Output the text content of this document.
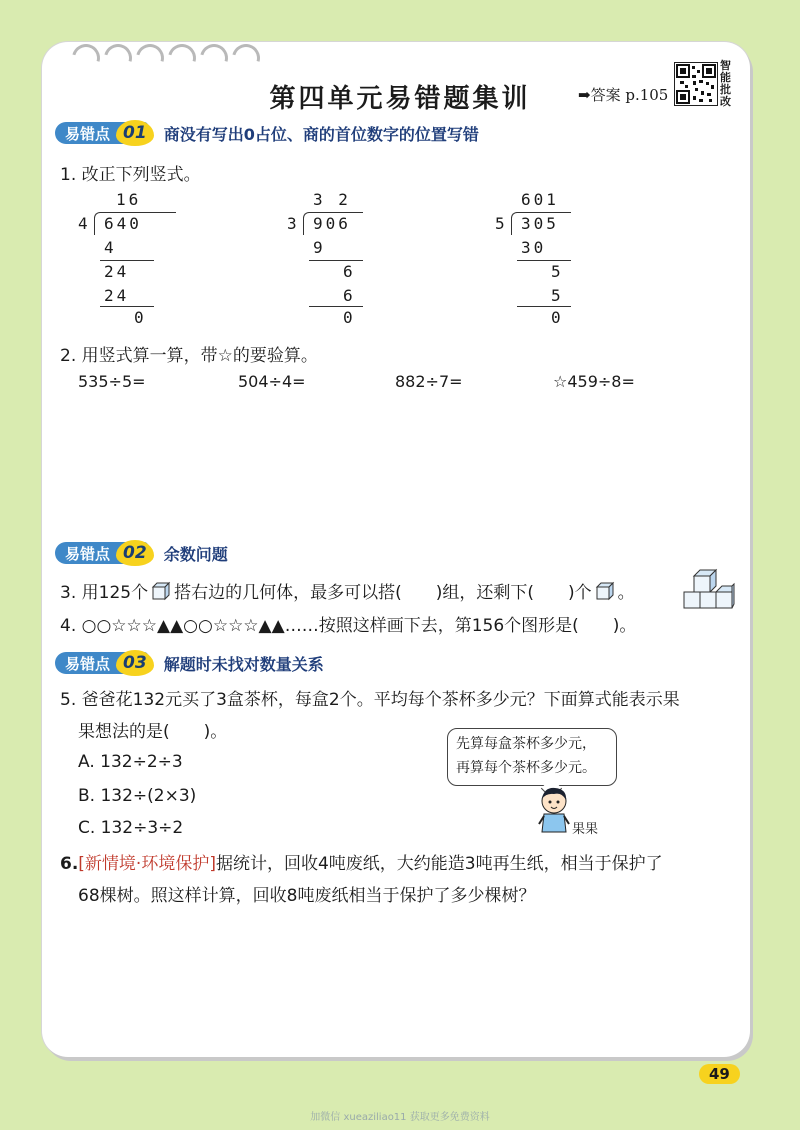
第四单元易错题集训	➡答案 p.105
智能批改
易错点 01	商没有写出0占位、商的首位数字的位置写错
1. 改正下列竖式。
16
4 640
4
24
24
0
3 2
3 906
9
6
6
0
601
5 305
30
5
5
0
2. 用竖式算一算，带☆的要验算。
535÷5=	504÷4=	882÷7=	☆459÷8=
易错点 02	余数问题
3. 用125个 搭右边的几何体，最多可以搭(　　)组，还剩下(　　)个 。
4. ○○☆☆☆▲▲○○☆☆☆▲▲……按照这样画下去，第156个图形是(　　)。
易错点 03	解题时未找对数量关系
5. 爸爸花132元买了3盒茶杯，每盒2个。平均每个茶杯多少元？下面算式能表示果
果想法的是(　　)。
A. 132÷2÷3
B. 132÷(2×3)
C. 132÷3÷2
先算每盒茶杯多少元，
再算每个茶杯多少元。
果果
6.[新情境·环境保护]据统计，回收4吨废纸，大约能造3吨再生纸，相当于保护了
68棵树。照这样计算，回收8吨废纸相当于保护了多少棵树？
49
加微信 xueaziliao11 获取更多免费资料
